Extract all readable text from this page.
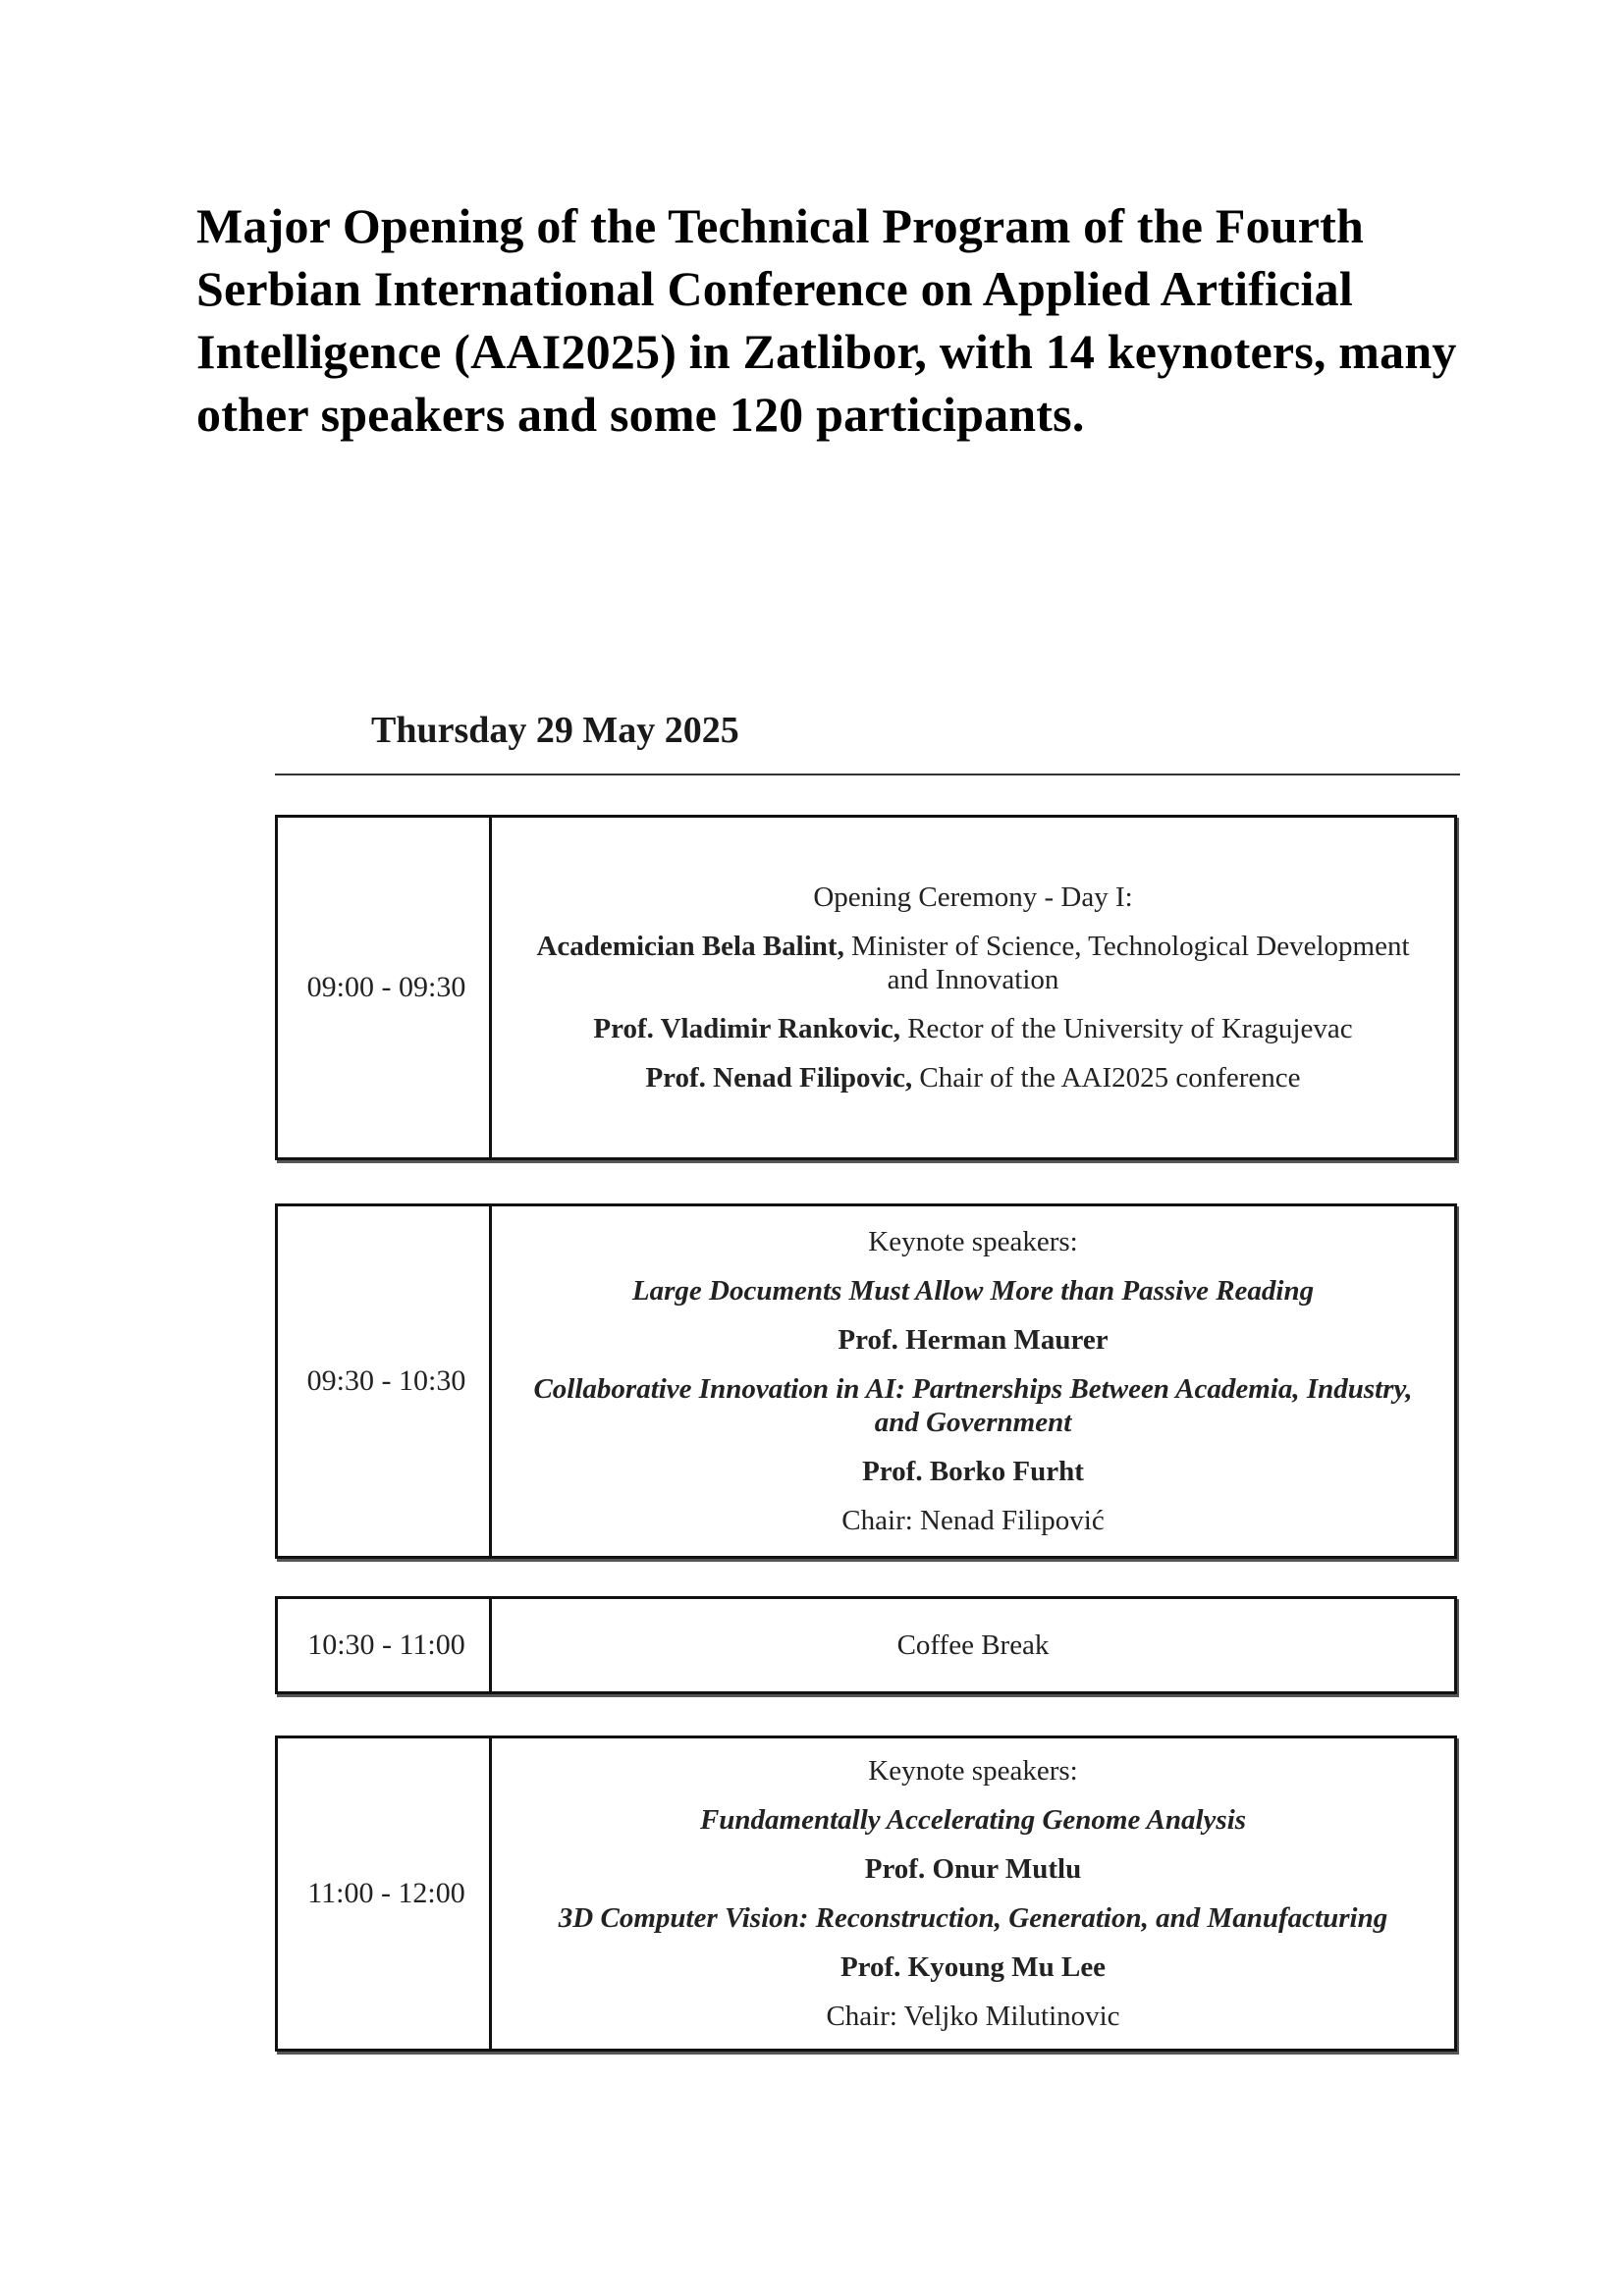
Major Opening of the Technical Program of the Fourth Serbian International Conference on Applied Artificial Intelligence (AAI2025) in Zatlibor, with 14 keynoters, many other speakers and some 120 participants.
Thursday 29 May 2025
09:00 - 09:30
Opening Ceremony - Day I:
Academician Bela Balint, Minister of Science, Technological Development and Innovation
Prof. Vladimir Rankovic, Rector of the University of Kragujevac
Prof. Nenad Filipovic, Chair of the AAI2025 conference
09:30 - 10:30
Keynote speakers:
Large Documents Must Allow More than Passive Reading
Prof. Herman Maurer
Collaborative Innovation in AI: Partnerships Between Academia, Industry, and Government
Prof. Borko Furht
Chair: Nenad Filipović
10:30 - 11:00	Coffee Break
11:00 - 12:00
Keynote speakers:
Fundamentally Accelerating Genome Analysis
Prof. Onur Mutlu
3D Computer Vision: Reconstruction, Generation, and Manufacturing
Prof. Kyoung Mu Lee
Chair: Veljko Milutinovic
